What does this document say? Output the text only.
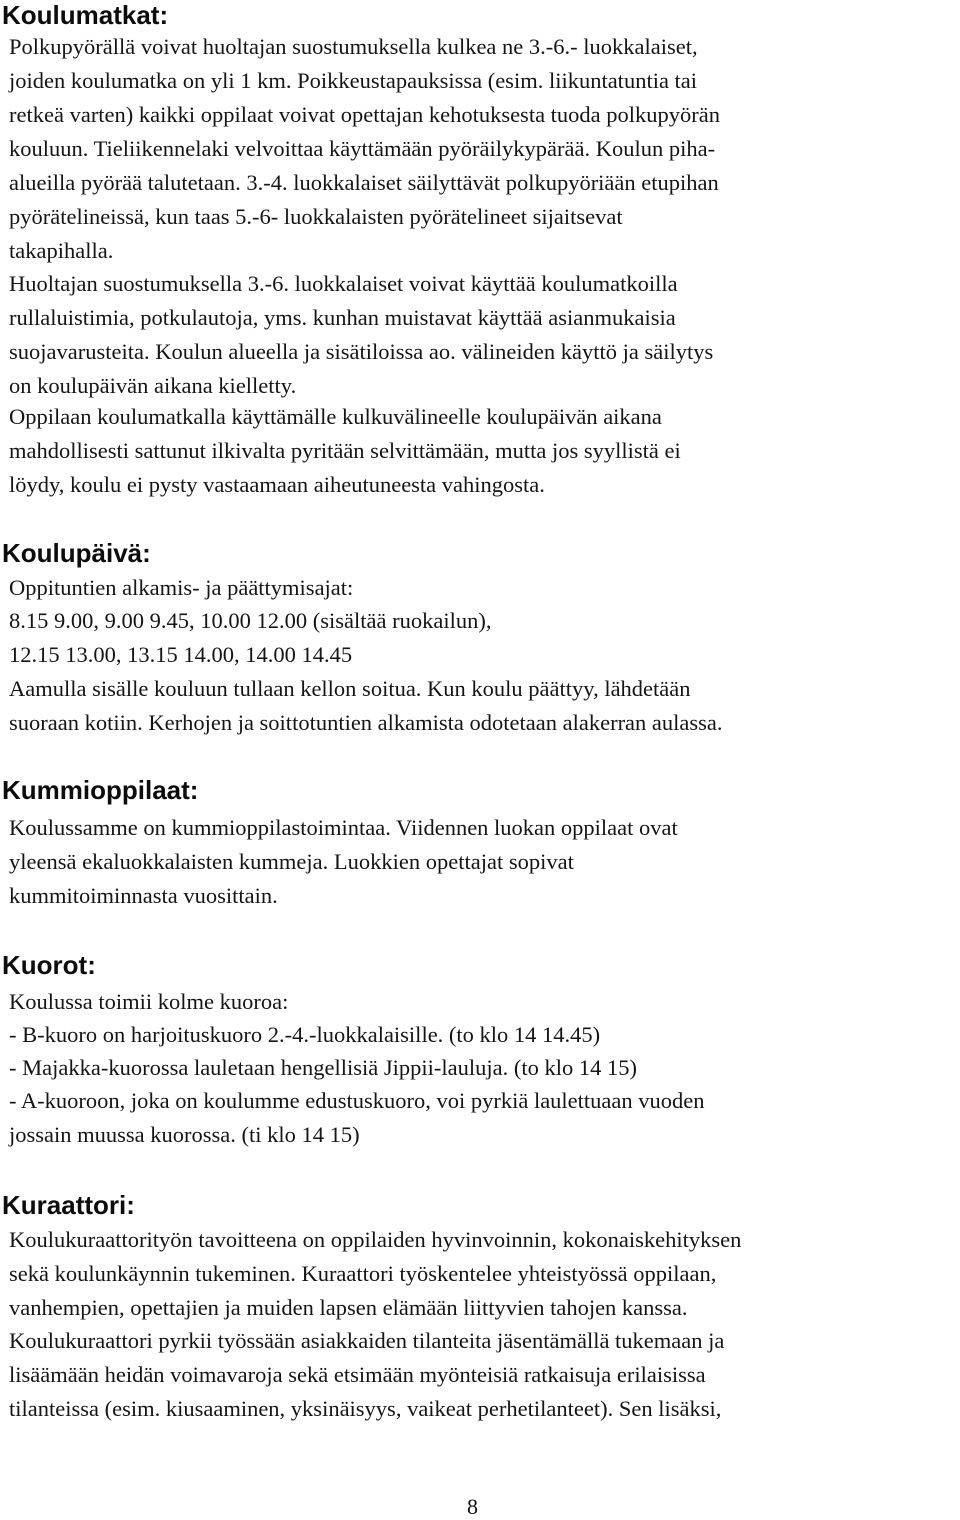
Koulumatkat:

Polkupyörällä voivat huoltajan suostumuksella kulkea ne 3.-6.- luokkalaiset,

joiden koulumatka on yli 1 km. Poikkeustapauksissa (esim. liikuntatuntia tai

retkeä varten) kaikki oppilaat voivat opettajan kehotuksesta tuoda polkupyörän

kouluun. Tieliikennelaki velvoittaa käyttämään pyöräilykypärää. Koulun piha-

alueilla pyörää talutetaan. 3.-4. luokkalaiset säilyttävät polkupyöriään etupihan

pyörätelineissä, kun taas 5.-6- luokkalaisten pyörätelineet sijaitsevat

takapihalla.

Huoltajan suostumuksella 3.-6. luokkalaiset voivat käyttää koulumatkoilla

rullaluistimia, potkulautoja, yms. kunhan muistavat käyttää asianmukaisia

suojavarusteita. Koulun alueella ja sisätiloissa ao. välineiden käyttö ja säilytys

on koulupäivän aikana kielletty.

Oppilaan koulumatkalla käyttämälle kulkuvälineelle koulupäivän aikana

mahdollisesti sattunut ilkivalta pyritään selvittämään, mutta jos syyllistä ei

löydy, koulu ei pysty vastaamaan aiheutuneesta vahingosta.

Koulupäivä:

Oppituntien alkamis- ja päättymisajat:

8.15 9.00, 9.00 9.45, 10.00 12.00 (sisältää ruokailun),

12.15 13.00, 13.15 14.00, 14.00 14.45

Aamulla sisälle kouluun tullaan kellon soitua. Kun koulu päättyy, lähdetään

suoraan kotiin. Kerhojen ja soittotuntien alkamista odotetaan alakerran aulassa.

Kummioppilaat:

Koulussamme on kummioppilastoimintaa. Viidennen luokan oppilaat ovat

yleensä ekaluokkalaisten kummeja. Luokkien opettajat sopivat

kummitoiminnasta vuosittain.

Kuorot:

Koulussa toimii kolme kuoroa:

- B-kuoro on harjoituskuoro 2.-4.-luokkalaisille. (to klo 14 14.45)

- Majakka-kuorossa lauletaan hengellisiä Jippii-lauluja. (to klo 14 15)

- A-kuoroon, joka on koulumme edustuskuoro, voi pyrkiä laulettuaan vuoden

jossain muussa kuorossa. (ti klo 14 15)

Kuraattori:

Koulukuraattorityön tavoitteena on oppilaiden hyvinvoinnin, kokonaiskehityksen

sekä koulunkäynnin tukeminen. Kuraattori työskentelee yhteistyössä oppilaan,

vanhempien, opettajien ja muiden lapsen elämään liittyvien tahojen kanssa.

Koulukuraattori pyrkii työssään asiakkaiden tilanteita jäsentämällä tukemaan ja

lisäämään heidän voimavaroja sekä etsimään myönteisiä ratkaisuja erilaisissa

tilanteissa (esim. kiusaaminen, yksinäisyys, vaikeat perhetilanteet). Sen lisäksi,

8
